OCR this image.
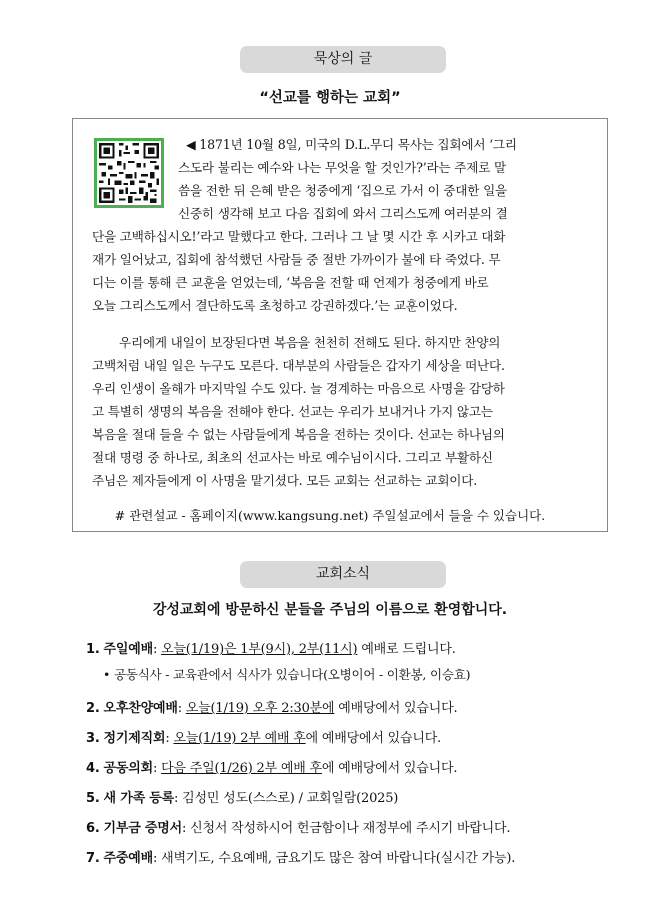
묵상의 글
“선교를 행하는 교회”
◀ 1871년 10월 8일, 미국의 D.L.무디 목사는 집회에서 ‘그리
스도라 불리는 예수와 나는 무엇을 할 것인가?’라는 주제로 말
씀을 전한 뒤 은혜 받은 청중에게 ‘집으로 가서 이 중대한 일을
신중히 생각해 보고 다음 집회에 와서 그리스도께 여러분의 결
단을 고백하십시오!’라고 말했다고 한다. 그러나 그 날 몇 시간 후 시카고 대화
재가 일어났고, 집회에 참석했던 사람들 중 절반 가까이가 불에 타 죽었다. 무
디는 이를 통해 큰 교훈을 얻었는데, ‘복음을 전할 때 언제가 청중에게 바로
오늘 그리스도께서 결단하도록 초청하고 강권하겠다.’는 교훈이었다.
우리에게 내일이 보장된다면 복음을 천천히 전해도 된다. 하지만 찬양의
고백처럼 내일 일은 누구도 모른다. 대부분의 사람들은 갑자기 세상을 떠난다.
우리 인생이 올해가 마지막일 수도 있다. 늘 경계하는 마음으로 사명을 감당하
고 특별히 생명의 복음을 전해야 한다. 선교는 우리가 보내거나 가지 않고는
복음을 절대 들을 수 없는 사람들에게 복음을 전하는 것이다. 선교는 하나님의
절대 명령 중 하나로, 최초의 선교사는 바로 예수님이시다. 그리고 부활하신
주님은 제자들에게 이 사명을 맡기셨다. 모든 교회는 선교하는 교회이다.
# 관련설교 - 홈페이지(www.kangsung.net) 주일설교에서 들을 수 있습니다.
교회소식
강성교회에 방문하신 분들을 주님의 이름으로 환영합니다.
1. 주일예배: 오늘(1/19)은 1부(9시), 2부(11시) 예배로 드립니다.
• 공동식사 - 교육관에서 식사가 있습니다(오병이어 - 이환봉, 이승효)
2. 오후찬양예배: 오늘(1/19) 오후 2:30분에 예배당에서 있습니다.
3. 정기제직회: 오늘(1/19) 2부 예배 후에 예배당에서 있습니다.
4. 공동의회: 다음 주일(1/26) 2부 예배 후에 예배당에서 있습니다.
5. 새 가족 등록: 김성민 성도(스스로) / 교회일람(2025)
6. 기부금 증명서: 신청서 작성하시어 헌금함이나 재정부에 주시기 바랍니다.
7. 주중예배: 새벽기도, 수요예배, 금요기도 많은 참여 바랍니다(실시간 가능).
